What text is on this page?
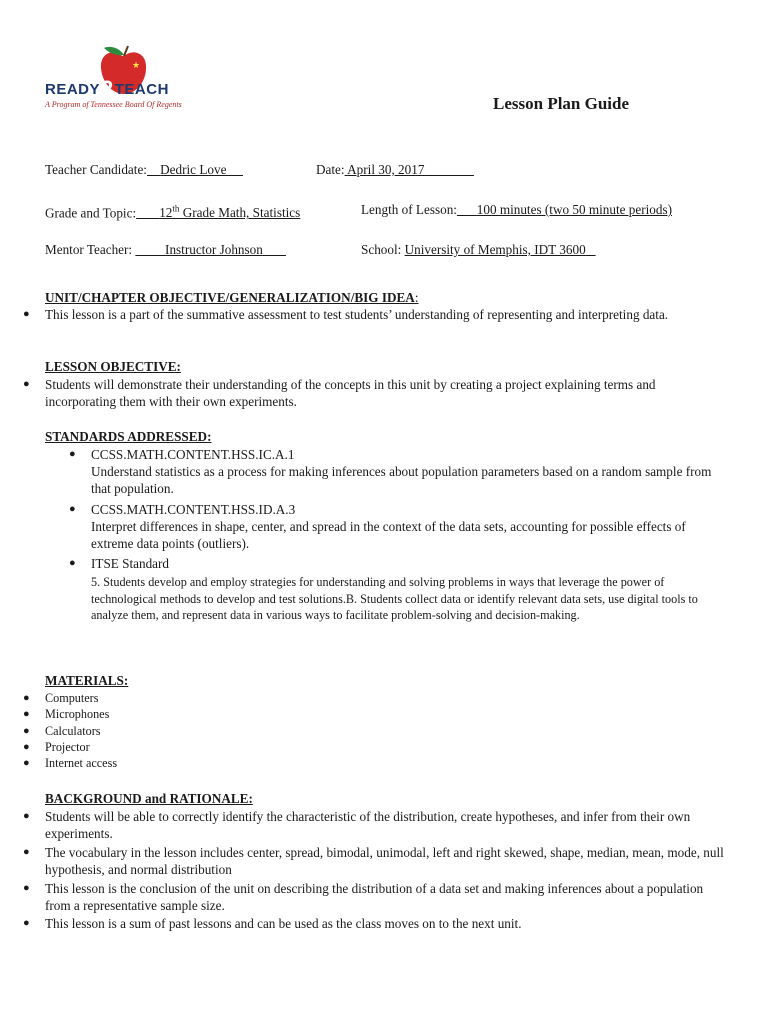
★
READY2TEACH
A Program of Tennessee Board Of Regents	Lesson Plan Guide
Teacher Candidate: Dedric Love	Date: April 30, 2017
Grade and Topic: 12th Grade Math, Statistics	Length of Lesson: 100 minutes (two 50 minute periods)
Mentor Teacher: Instructor Johnson	School: University of Memphis, IDT 3600
UNIT/CHAPTER OBJECTIVE/GENERALIZATION/BIG IDEA:
● This lesson is a part of the summative assessment to test students’ understanding of representing and interpreting data.
LESSON OBJECTIVE:
● Students will demonstrate their understanding of the concepts in this unit by creating a project explaining terms and incorporating them with their own experiments.
STANDARDS ADDRESSED:
● CCSS.MATH.CONTENT.HSS.IC.A.1
Understand statistics as a process for making inferences about population parameters based on a random sample from that population.
● CCSS.MATH.CONTENT.HSS.ID.A.3
Interpret differences in shape, center, and spread in the context of the data sets, accounting for possible effects of extreme data points (outliers).
● ITSE Standard
5. Students develop and employ strategies for understanding and solving problems in ways that leverage the power of technological methods to develop and test solutions.B. Students collect data or identify relevant data sets, use digital tools to analyze them, and represent data in various ways to facilitate problem-solving and decision-making.
MATERIALS:
● Computers
● Microphones
● Calculators
● Projector
● Internet access
BACKGROUND and RATIONALE:
● Students will be able to correctly identify the characteristic of the distribution, create hypotheses, and infer from their own experiments.
● The vocabulary in the lesson includes center, spread, bimodal, unimodal, left and right skewed, shape, median, mean, mode, null hypothesis, and normal distribution
● This lesson is the conclusion of the unit on describing the distribution of a data set and making inferences about a population from a representative sample size.
● This lesson is a sum of past lessons and can be used as the class moves on to the next unit.
